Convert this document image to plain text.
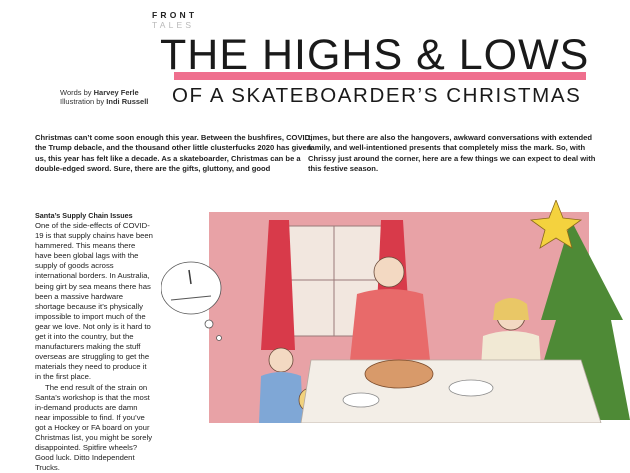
FRONT
TALES
THE HIGHS & LOWS
OF A SKATEBOARDER’S CHRISTMAS
Words by Harvey Ferle
Illustration by Indi Russell
Christmas can’t come soon enough this year. Between the bushfires, COVID, the Trump debacle, and the thousand other little clusterfucks 2020 has given us, this year has felt like a decade. As a skateboarder, Christmas can be a double-edged sword. Sure, there are the gifts, gluttony, and good
times, but there are also the hangovers, awkward conversations with extended family, and well-intentioned presents that completely miss the mark. So, with Chrissy just around the corner, here are a few things we can expect to deal with this festive season.
Santa’s Supply Chain Issues

One of the side-effects of COVID-19 is that supply chains have been hammered. This means there have been global lags with the supply of goods across international borders. In Australia, being girt by sea means there has been a massive hardware shortage because it’s physically impossible to import much of the gear we love. Not only is it hard to get it into the country, but the manufacturers making the stuff overseas are struggling to get the materials they need to produce it in the first place.

The end result of the strain on Santa’s workshop is that the most in-demand products are damn near impossible to find. If you’ve got a Hockey or FA board on your Christmas list, you might be sorely disappointed. Spitfire wheels? Good luck. Ditto Independent Trucks.
